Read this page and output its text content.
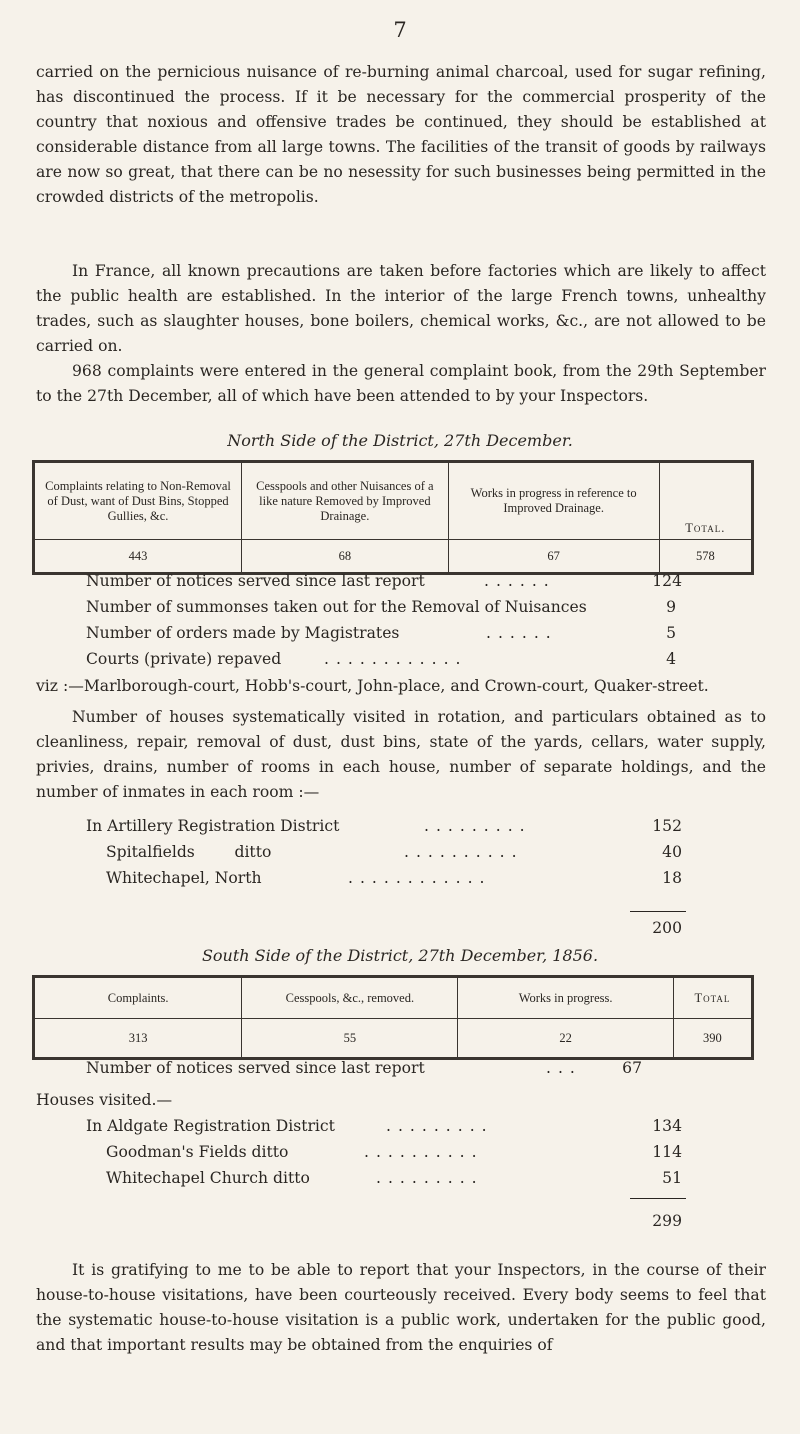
7
carried on the pernicious nuisance of re-burning animal charcoal, used for sugar refining, has discontinued the process. If it be necessary for the commercial prosperity of the country that noxious and offensive trades be continued, they should be established at considerable distance from all large towns. The facilities of the transit of goods by railways are now so great, that there can be no nesessity for such businesses being permitted in the crowded districts of the metropolis.
In France, all known precautions are taken before factories which are likely to affect the public health are established. In the interior of the large French towns, unhealthy trades, such as slaughter houses, bone boilers, chemical works, &c., are not allowed to be carried on.
968 complaints were entered in the general complaint book, from the 29th September to the 27th December, all of which have been attended to by your Inspectors.
North Side of the District, 27th December.
Complaints relating to Non-Removal of Dust, want of Dust Bins, Stopped Gullies, &c.	Cesspools and other Nuisances of a like nature Removed by Improved Drainage.	Works in progress in reference to Improved Drainage.	Total.
443	68	67	578
Number of notices served since last report	......	124
Number of summonses taken out for the Removal of Nuisances	9
Number of orders made by Magistrates	......	5
Courts (private) repaved	............	4
viz :—Marlborough-court, Hobb's-court, John-place, and Crown-court, Quaker-street.
Number of houses systematically visited in rotation, and particulars obtained as to cleanliness, repair, removal of dust, dust bins, state of the yards, cellars, water supply, privies, drains, number of rooms in each house, number of separate holdings, and the number of inmates in each room :—
In Artillery Registration District	.........	152
Spitalfields        ditto	..........	40
Whitechapel, North	............	18
200
South Side of the District, 27th December, 1856.
Complaints.	Cesspools, &c., removed.	Works in progress.	Total
313	55	22	390
Number of notices served since last report	...	67
Houses visited.—
In Aldgate Registration District	.........	134
Goodman's Fields ditto	..........	114
Whitechapel Church ditto	.........	51
299
It is gratifying to me to be able to report that your Inspectors, in the course of their house-to-house visitations, have been courteously received. Every body seems to feel that the systematic house-to-house visitation is a public work, undertaken for the public good, and that important results may be obtained from the enquiries of
